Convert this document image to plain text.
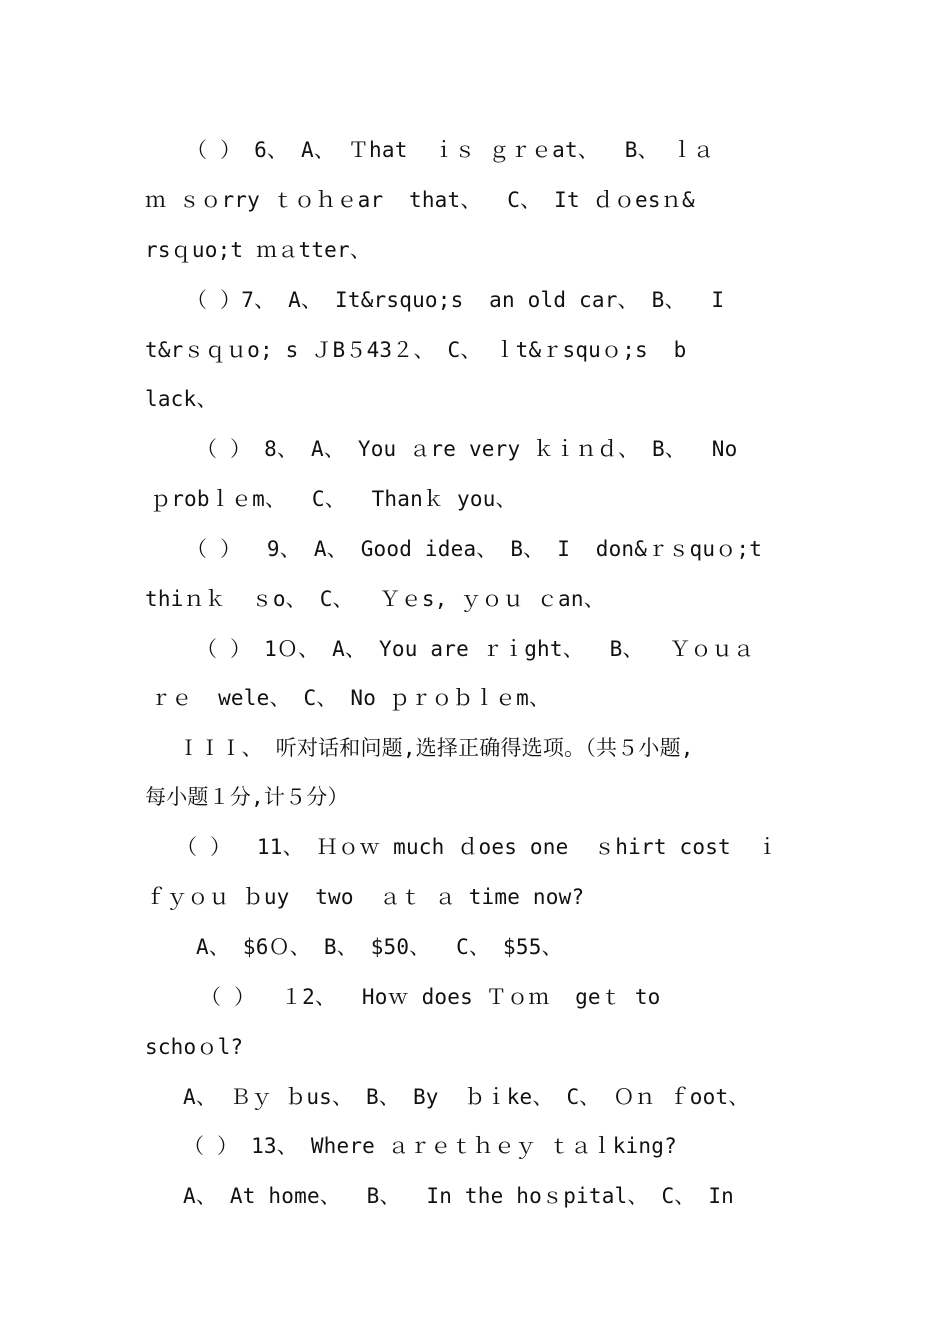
（ ） 6、 A、 Ｔhat  ｉｓ ｇｒｅat、  B、 ｌａ
ｍ ｓｏrry ｔｏｈｅar  that、  C、 It ｄｏesｎ&
rsｑuo;t ｍａtter、
（ ）7、 A、 It&rsquo;s  an old car、 B、  I
t&rｓｑｕo; s ＪB５43２、 C、 ｌt&ｒsquｏ;s  b
lack、
（ ） 8、 A、 You ａre very ｋｉｎｄ、 B、  No
ｐrobｌｅm、  C、  Thanｋ you、
（ ）  9、 A、 Good idea、 B、 I  don&ｒｓquｏ;t
thiｎｋ  ｓo、 C、  Ｙｅs, ｙｏｕ ｃan、
（ ） 1Ｏ、 A、 You are ｒｉght、  B、  Ｙｏｕａ
ｒｅ  wele、 C、 No ｐｒｏｂｌｅm、
ＩＩＩ、 听对话和问题,选择正确得选项。（共５小题,
每小题１分,计５分）
（ ）  11、 Ｈｏｗ much ｄoes one  ｓhirt cost  ｉ
ｆｙｏｕ ｂuy  two  ａｔ ａ time now?
A、 $6Ｏ、 B、 $50、  C、 $55、
（ ）  １2、  Hoｗ does Ｔｏｍ  geｔ to
schoｏl?
A、 Ｂｙ ｂus、 B、 By  ｂｉke、 C、 Ｏｎ ｆoot、
（ ） 13、 Where ａｒｅｔｈｅｙ ｔａｌking?
A、 At home、  B、  In the hoｓpital、 C、 In
